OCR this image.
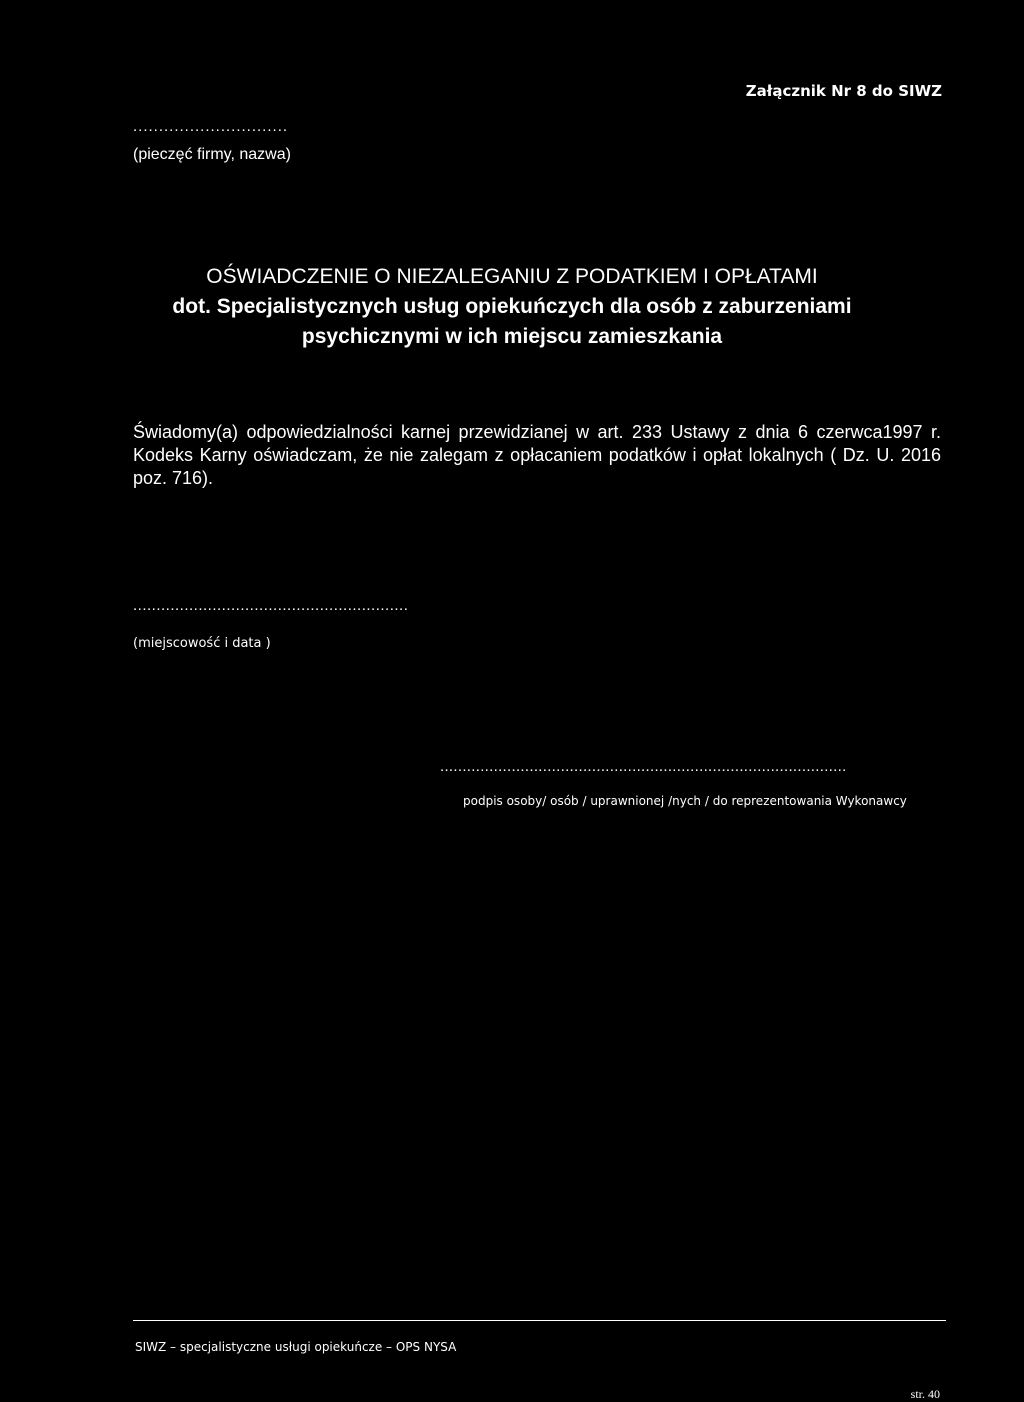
Załącznik Nr 8 do SIWZ
..............................
(pieczęć firmy, nazwa)
OŚWIADCZENIE O NIEZALEGANIU Z PODATKIEM I OPŁATAMI
dot. Specjalistycznych usług opiekuńczych dla osób z zaburzeniami
psychicznymi w ich miejscu zamieszkania
Świadomy(a) odpowiedzialności karnej przewidzianej w art. 233 Ustawy z dnia 6 czerwca1997 r. Kodeks Karny oświadczam, że nie zalegam z opłacaniem podatków i opłat lokalnych ( Dz. U. 2016 poz. 716).
...........................................................
(miejscowość i data )
...........................................................................................
podpis osoby/ osób / uprawnionej /nych / do reprezentowania Wykonawcy
SIWZ – specjalistyczne usługi opiekuńcze – OPS NYSA
str. 40
